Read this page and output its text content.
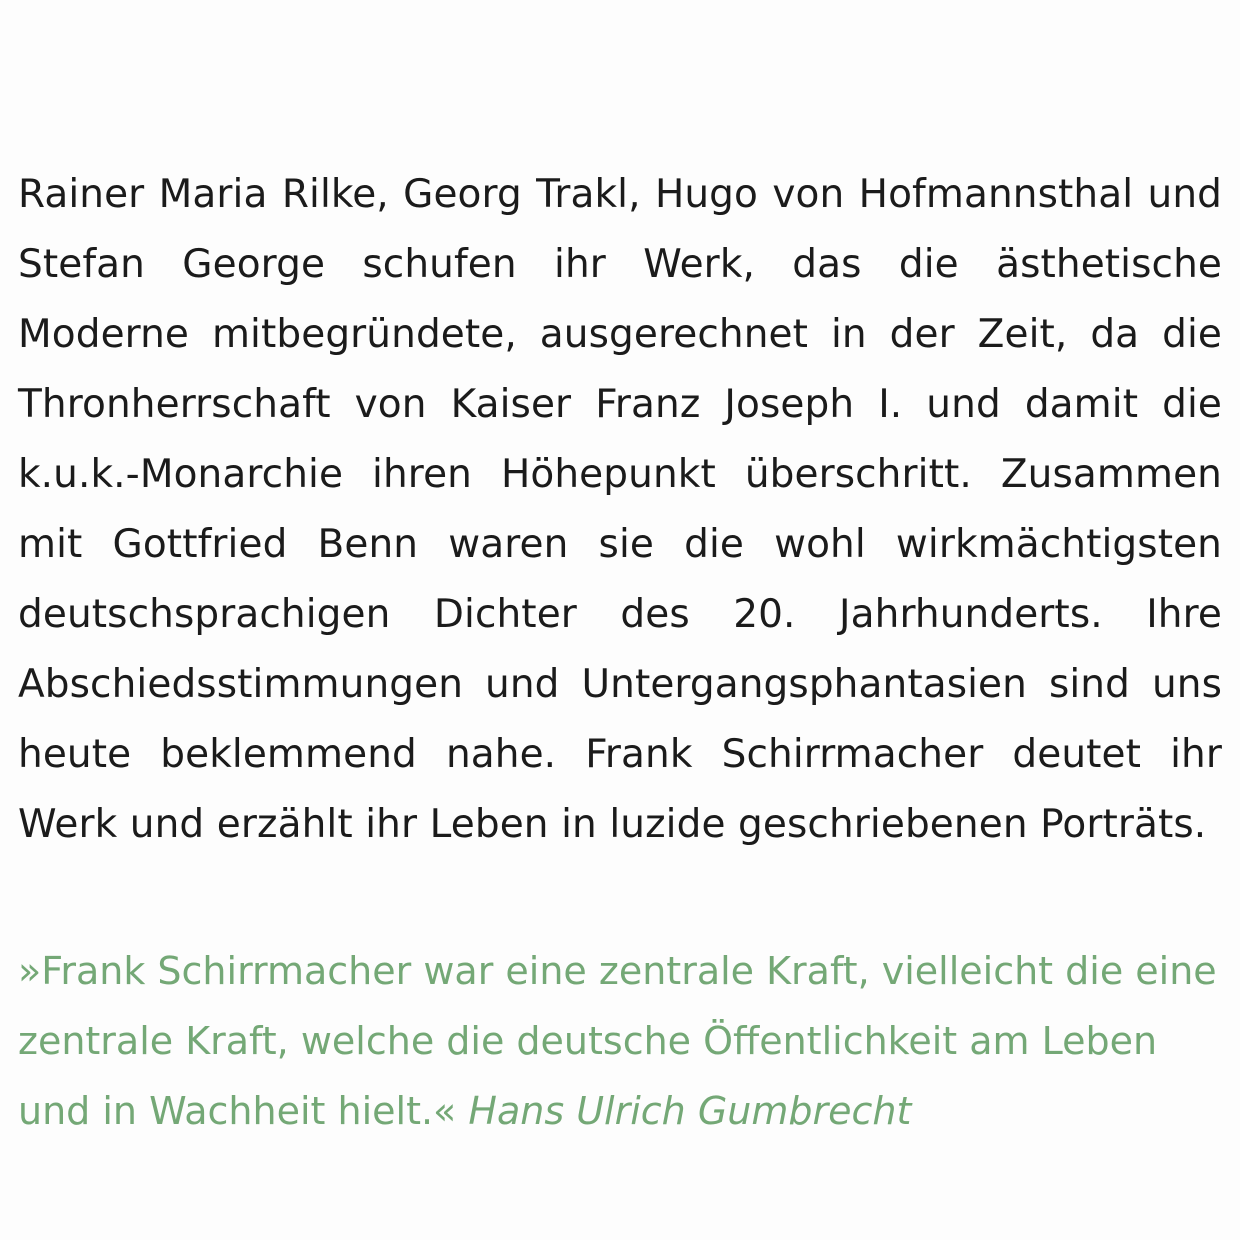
Rainer Maria Rilke, Georg Trakl, Hugo von Hofmannsthal und Stefan George schufen ihr Werk, das die ästhetische Moderne mitbegründete, ausgerechnet in der Zeit, da die Thronherrschaft von Kaiser Franz Joseph I. und damit die k.u.k.-Monarchie ihren Höhepunkt überschritt. Zusammen mit Gottfried Benn waren sie die wohl wirkmächtigsten deutschsprachigen Dichter des 20. Jahrhunderts. Ihre Abschiedsstimmungen und Untergangsphantasien sind uns heute beklemmend nahe. Frank Schirrmacher deutet ihr Werk und erzählt ihr Leben in luzide geschriebenen Porträts.

»Frank Schirrmacher war eine zentrale Kraft, vielleicht die eine zentrale Kraft, welche die deutsche Öffentlichkeit am Leben und in Wachheit hielt.« Hans Ulrich Gumbrecht
